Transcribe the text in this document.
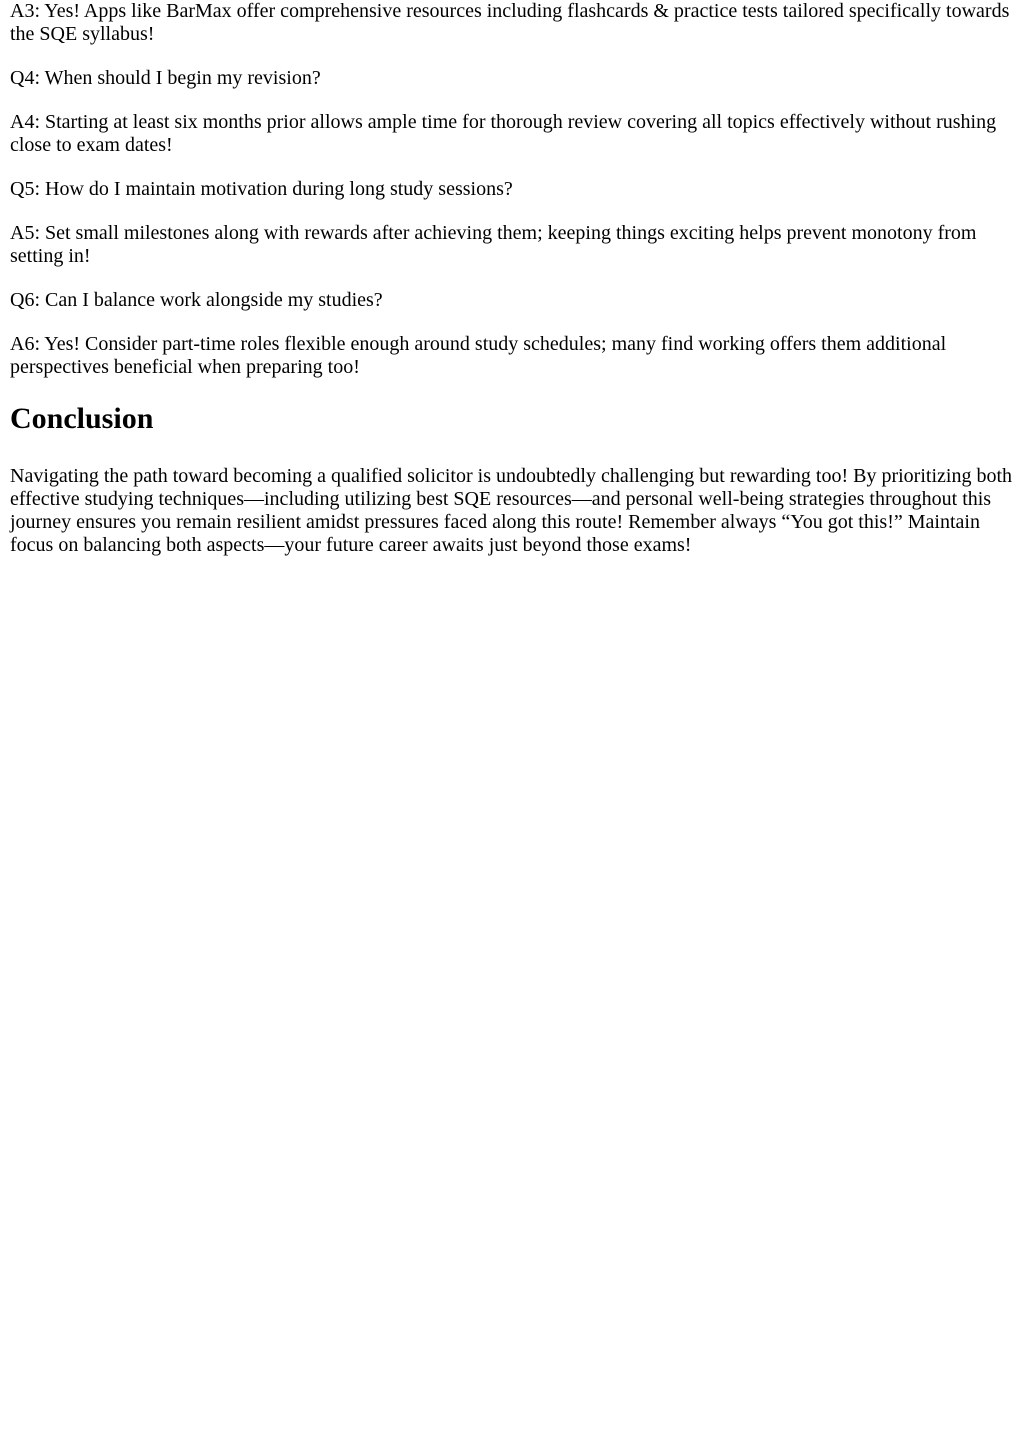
A3: Yes! Apps like BarMax offer comprehensive resources including flashcards & practice tests tailored specifically towards the SQE syllabus!

Q4: When should I begin my revision?

A4: Starting at least six months prior allows ample time for thorough review covering all topics effectively without rushing close to exam dates!

Q5: How do I maintain motivation during long study sessions?

A5: Set small milestones along with rewards after achieving them; keeping things exciting helps prevent monotony from setting in!

Q6: Can I balance work alongside my studies?

A6: Yes! Consider part-time roles flexible enough around study schedules; many find working offers them additional perspectives beneficial when preparing too!

Conclusion

Navigating the path toward becoming a qualified solicitor is undoubtedly challenging but rewarding too! By prioritizing both effective studying techniques—including utilizing best SQE resources—and personal well-being strategies throughout this journey ensures you remain resilient amidst pressures faced along this route! Remember always “You got this!” Maintain focus on balancing both aspects—your future career awaits just beyond those exams!
